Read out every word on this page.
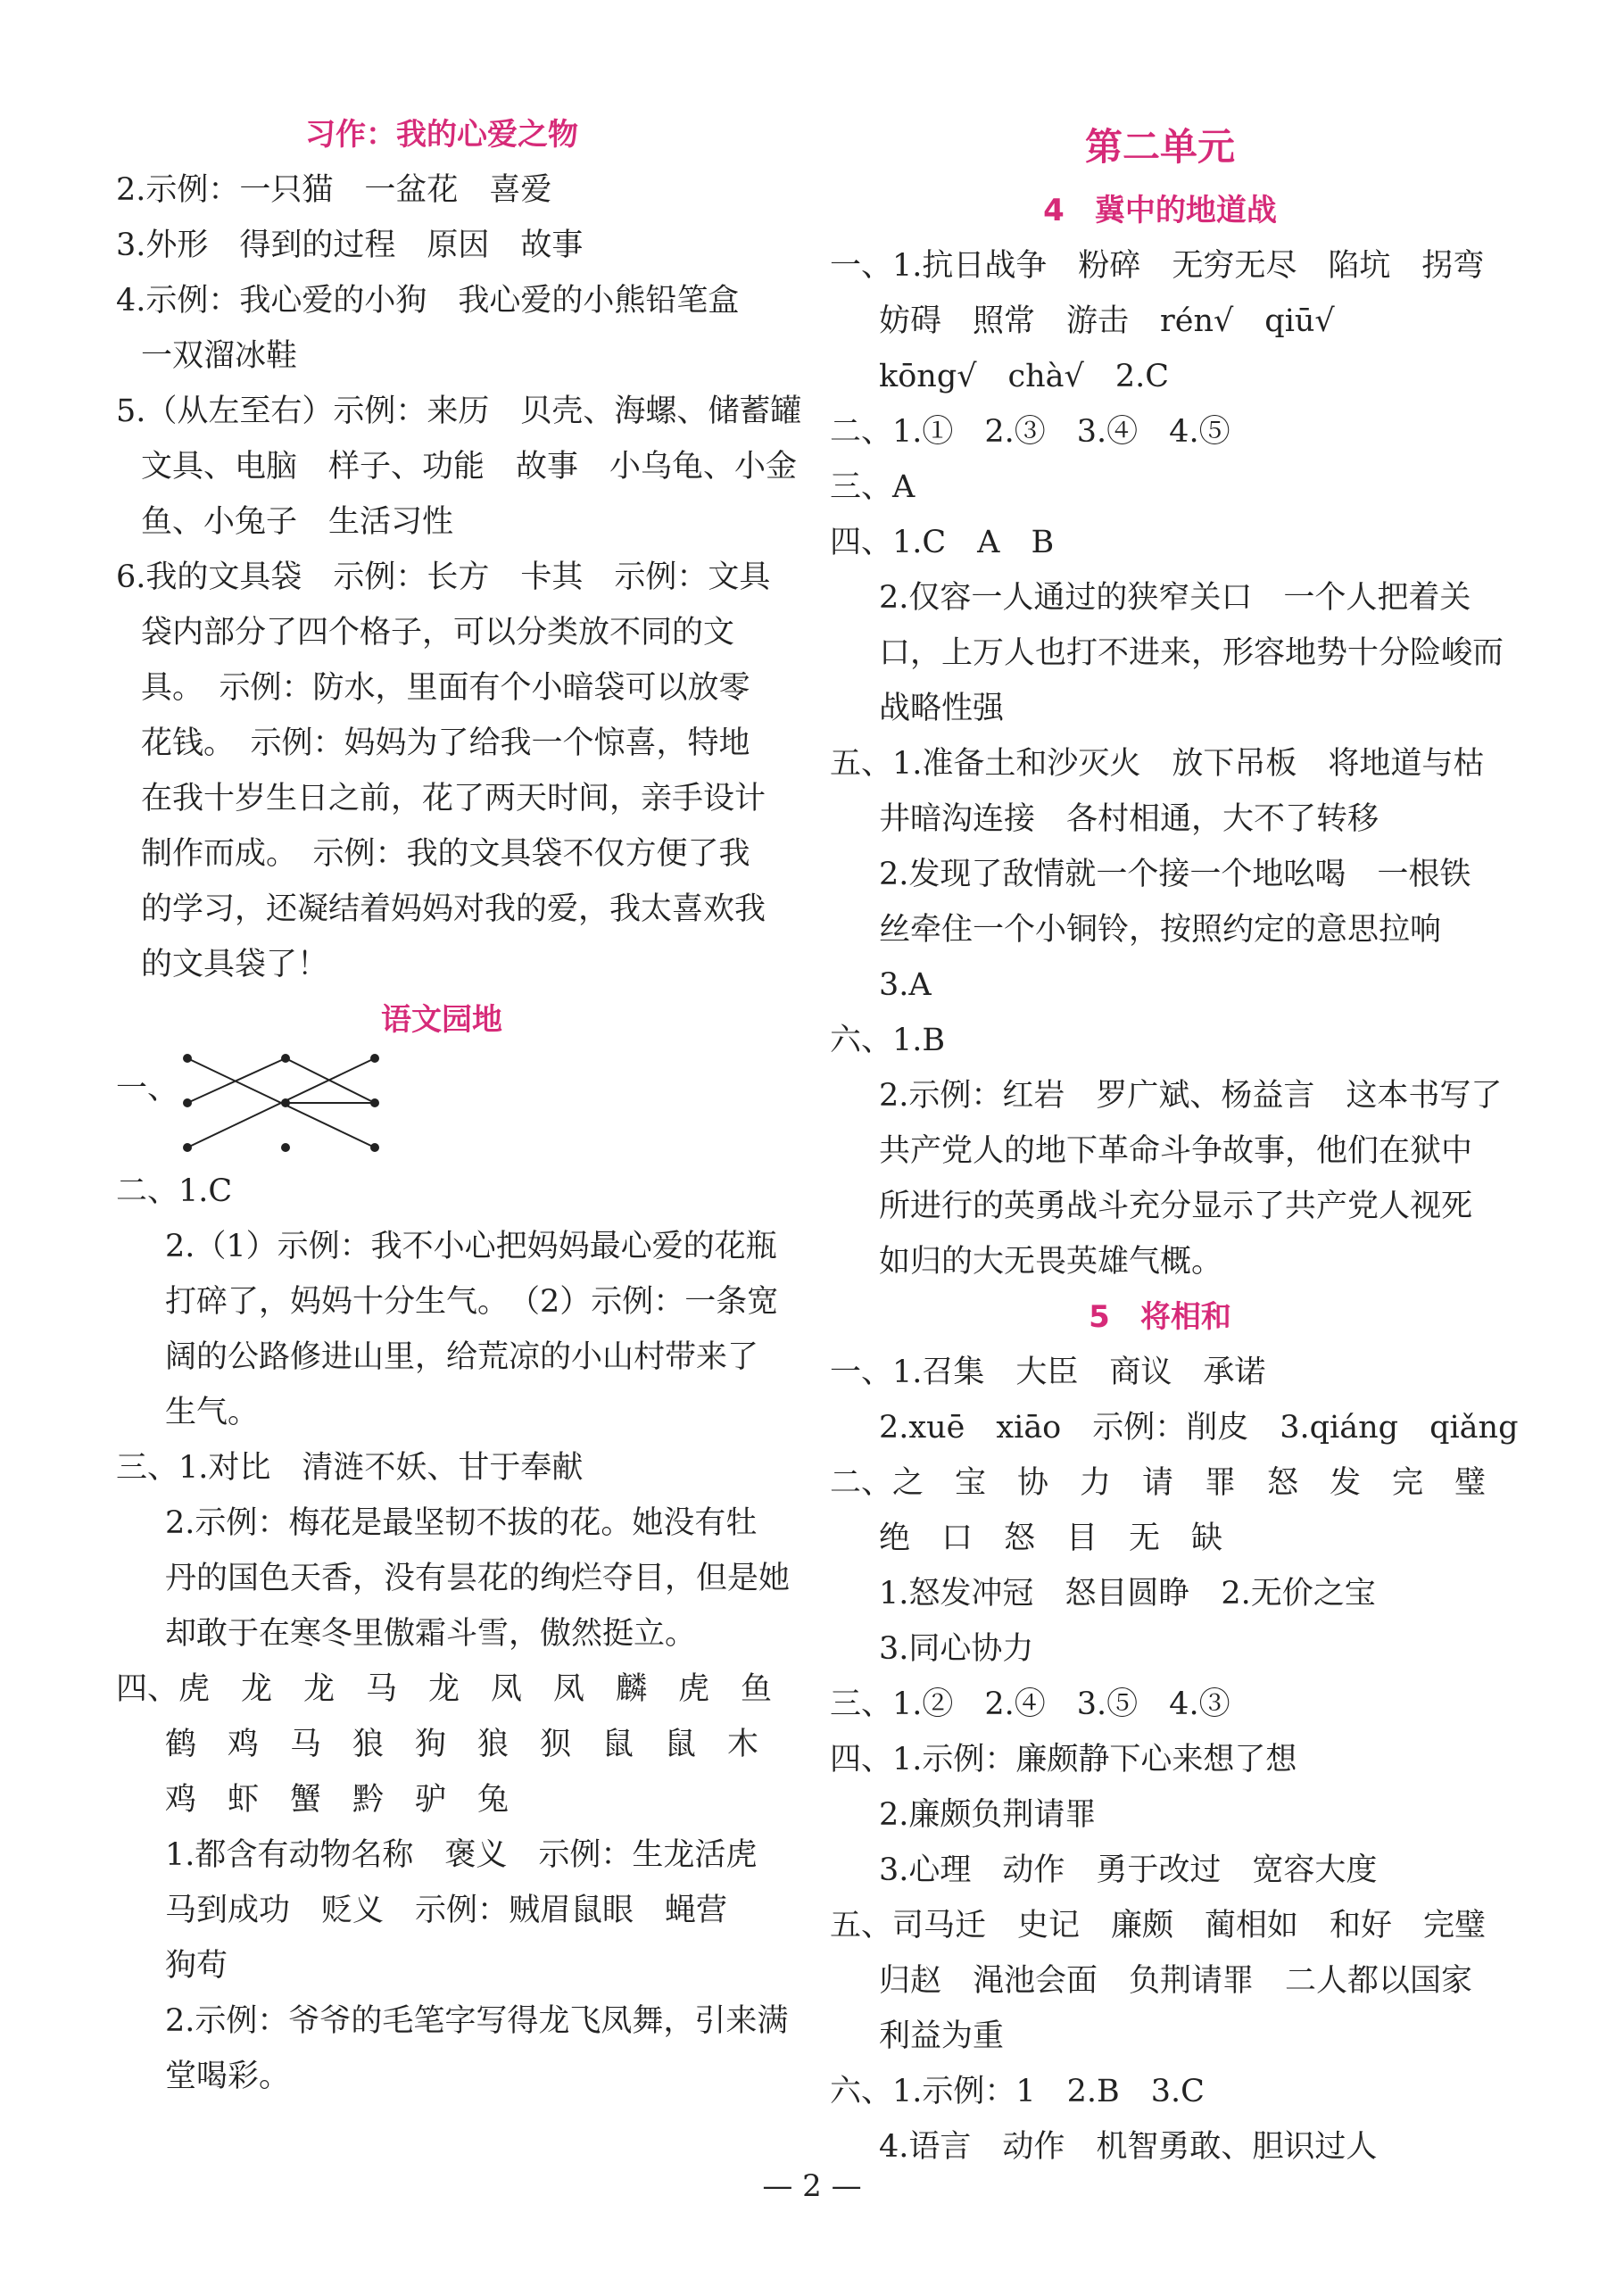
习作：我的心爱之物
2.示例：一只猫　一盆花　喜爱
3.外形　得到的过程　原因　故事
4.示例：我心爱的小狗　我心爱的小熊铅笔盒
一双溜冰鞋
5.（从左至右）示例：来历　贝壳、海螺、储蓄罐
文具、电脑　样子、功能　故事　小乌龟、小金
鱼、小兔子　生活习性
6.我的文具袋　示例：长方　卡其　示例：文具
袋内部分了四个格子，可以分类放不同的文
具。　示例：防水，里面有个小暗袋可以放零
花钱。　示例：妈妈为了给我一个惊喜，特地
在我十岁生日之前，花了两天时间，亲手设计
制作而成。　示例：我的文具袋不仅方便了我
的学习，还凝结着妈妈对我的爱，我太喜欢我
的文具袋了！
语文园地
一、
二、1.C
2.（1）示例：我不小心把妈妈最心爱的花瓶
打碎了，妈妈十分生气。　（2）示例：一条宽
阔的公路修进山里，给荒凉的小山村带来了
生气。
三、1.对比　清涟不妖、甘于奉献
2.示例：梅花是最坚韧不拔的花。她没有牡
丹的国色天香，没有昙花的绚烂夺目，但是她
却敢于在寒冬里傲霜斗雪，傲然挺立。
四、虎　龙　龙　马　龙　凤　凤　麟　虎　鱼
鹤　鸡　马　狼　狗　狼　狈　鼠　鼠　木
鸡　虾　蟹　黔　驴　兔
1.都含有动物名称　褒义　示例：生龙活虎
马到成功　贬义　示例：贼眉鼠眼　蝇营
狗苟
2.示例：爷爷的毛笔字写得龙飞凤舞，引来满
堂喝彩。
第二单元
4　冀中的地道战
一、1.抗日战争　粉碎　无穷无尽　陷坑　拐弯
妨碍　照常　游击　rén√　qiū√
kōng√　chà√　2.C
二、1.①　2.③　3.④　4.⑤
三、A
四、1.C　A　B
2.仅容一人通过的狭窄关口　一个人把着关
口，上万人也打不进来，形容地势十分险峻而
战略性强
五、1.准备土和沙灭火　放下吊板　将地道与枯
井暗沟连接　各村相通，大不了转移
2.发现了敌情就一个接一个地吆喝　一根铁
丝牵住一个小铜铃，按照约定的意思拉响
3.A
六、1.B
2.示例：红岩　罗广斌、杨益言　这本书写了
共产党人的地下革命斗争故事，他们在狱中
所进行的英勇战斗充分显示了共产党人视死
如归的大无畏英雄气概。
5　将相和
一、1.召集　大臣　商议　承诺
2.xuē　xiāo　示例：削皮　3.qiáng　qiǎng
二、之　宝　协　力　请　罪　怒　发　完　璧
绝　口　怒　目　无　缺
1.怒发冲冠　怒目圆睁　2.无价之宝
3.同心协力
三、1.②　2.④　3.⑤　4.③
四、1.示例：廉颇静下心来想了想
2.廉颇负荆请罪
3.心理　动作　勇于改过　宽容大度
五、司马迁　史记　廉颇　蔺相如　和好　完璧
归赵　渑池会面　负荆请罪　二人都以国家
利益为重
六、1.示例：1　2.B　3.C
4.语言　动作　机智勇敢、胆识过人
— 2 —
